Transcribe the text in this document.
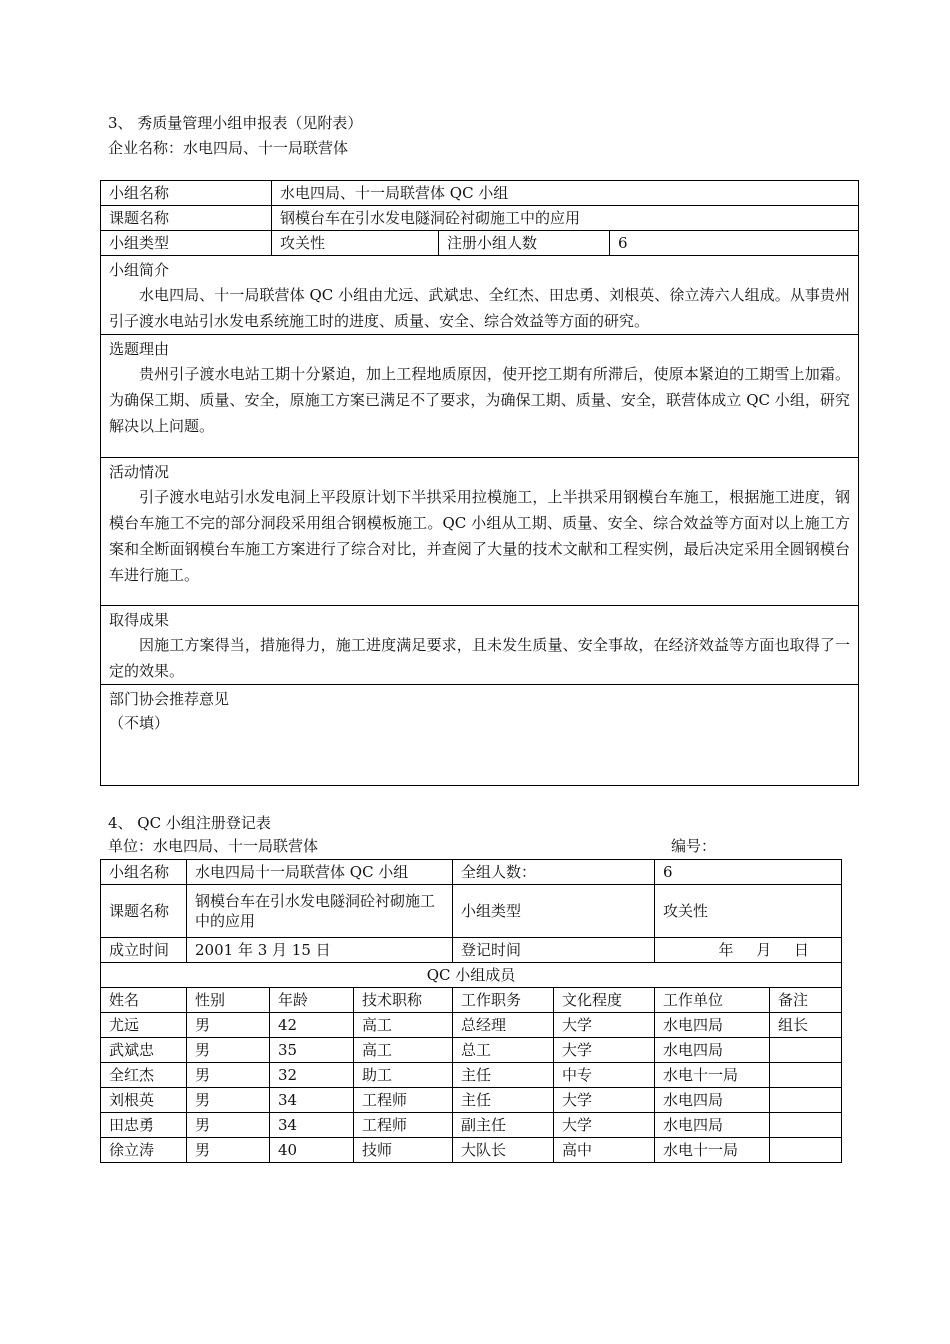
3、 秀质量管理小组申报表（见附表）
企业名称：水电四局、十一局联营体
小组名称	水电四局、十一局联营体 QC 小组		
课题名称	钢模台车在引水发电隧洞砼衬砌施工中的应用		
小组类型	攻关性	注册小组人数	6

小组简介
水电四局、十一局联营体 QC 小组由尤远、武斌忠、全红杰、田忠勇、刘根英、徐立涛六人组成。从事贵州引子渡水电站引水发电系统施工时的进度、质量、安全、综合效益等方面的研究。			

选题理由
贵州引子渡水电站工期十分紧迫，加上工程地质原因，使开挖工期有所滞后，使原本紧迫的工期雪上加霜。为确保工期、质量、安全，原施工方案已满足不了要求，为确保工期、质量、安全，联营体成立 QC 小组，研究解决以上问题。			

活动情况
引子渡水电站引水发电洞上平段原计划下半拱采用拉模施工，上半拱采用钢模台车施工，根据施工进度，钢模台车施工不完的部分洞段采用组合钢模板施工。QC 小组从工期、质量、安全、综合效益等方面对以上施工方案和全断面钢模台车施工方案进行了综合对比，并查阅了大量的技术文献和工程实例，最后决定采用全圆钢模台车进行施工。			

取得成果
因施工方案得当，措施得力，施工进度满足要求，且未发生质量、安全事故，在经济效益等方面也取得了一定的效果。			

部门协会推荐意见
（不填）			
4、 QC 小组注册登记表
单位：水电四局、十一局联营体	编号：
小组名称	水电四局十一局联营体 QC 小组			全组人数：		6	
课题名称	钢模台车在引水发电隧洞砼衬砌施工中的应用			小组类型		攻关性	
成立时间	2001 年 3 月 15 日			登记时间		年 月 日	
QC 小组成员							
姓名	性别	年龄	技术职称	工作职务	文化程度	工作单位	备注
尤远	男	42	高工	总经理	大学	水电四局	组长
武斌忠	男	35	高工	总工	大学	水电四局	
全红杰	男	32	助工	主任	中专	水电十一局	
刘根英	男	34	工程师	主任	大学	水电四局	
田忠勇	男	34	工程师	副主任	大学	水电四局	
徐立涛	男	40	技师	大队长	高中	水电十一局	
